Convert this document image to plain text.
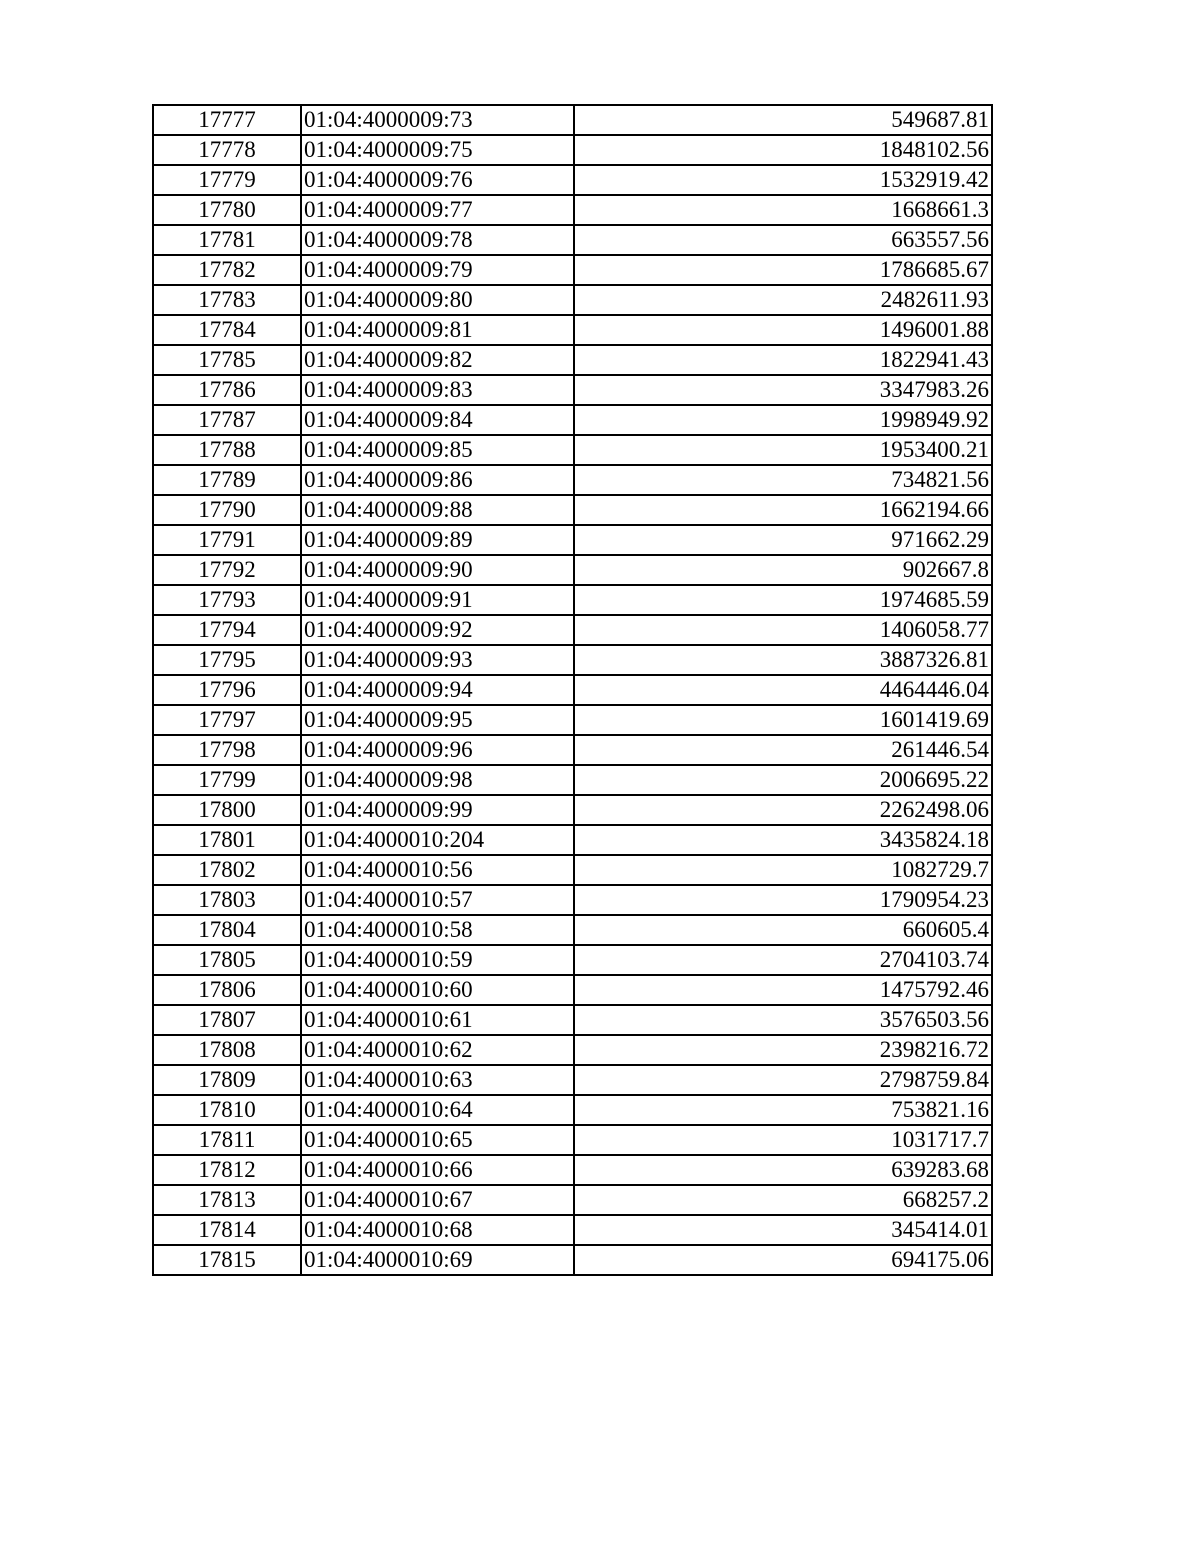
17777	01:04:4000009:73	549687.81
17778	01:04:4000009:75	1848102.56
17779	01:04:4000009:76	1532919.42
17780	01:04:4000009:77	1668661.3
17781	01:04:4000009:78	663557.56
17782	01:04:4000009:79	1786685.67
17783	01:04:4000009:80	2482611.93
17784	01:04:4000009:81	1496001.88
17785	01:04:4000009:82	1822941.43
17786	01:04:4000009:83	3347983.26
17787	01:04:4000009:84	1998949.92
17788	01:04:4000009:85	1953400.21
17789	01:04:4000009:86	734821.56
17790	01:04:4000009:88	1662194.66
17791	01:04:4000009:89	971662.29
17792	01:04:4000009:90	902667.8
17793	01:04:4000009:91	1974685.59
17794	01:04:4000009:92	1406058.77
17795	01:04:4000009:93	3887326.81
17796	01:04:4000009:94	4464446.04
17797	01:04:4000009:95	1601419.69
17798	01:04:4000009:96	261446.54
17799	01:04:4000009:98	2006695.22
17800	01:04:4000009:99	2262498.06
17801	01:04:4000010:204	3435824.18
17802	01:04:4000010:56	1082729.7
17803	01:04:4000010:57	1790954.23
17804	01:04:4000010:58	660605.4
17805	01:04:4000010:59	2704103.74
17806	01:04:4000010:60	1475792.46
17807	01:04:4000010:61	3576503.56
17808	01:04:4000010:62	2398216.72
17809	01:04:4000010:63	2798759.84
17810	01:04:4000010:64	753821.16
17811	01:04:4000010:65	1031717.7
17812	01:04:4000010:66	639283.68
17813	01:04:4000010:67	668257.2
17814	01:04:4000010:68	345414.01
17815	01:04:4000010:69	694175.06
